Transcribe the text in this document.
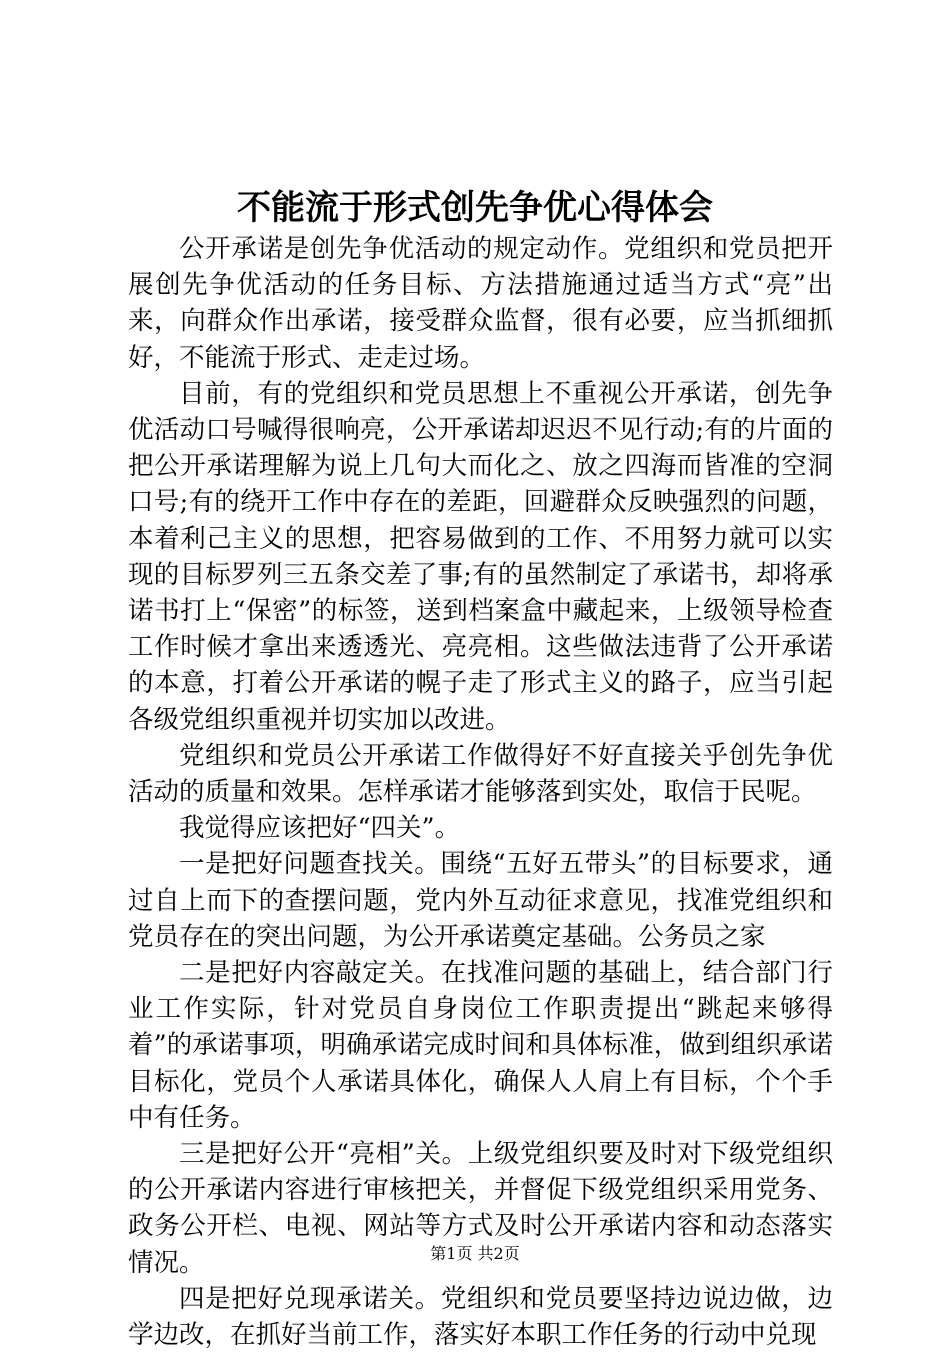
不能流于形式创先争优心得体会

公开承诺是创先争优活动的规定动作。党组织和党员把开展创先争优活动的任务目标、方法措施通过适当方式“亮”出来，向群众作出承诺，接受群众监督，很有必要，应当抓细抓好，不能流于形式、走走过场。

目前，有的党组织和党员思想上不重视公开承诺，创先争优活动口号喊得很响亮，公开承诺却迟迟不见行动;有的片面的把公开承诺理解为说上几句大而化之、放之四海而皆准的空洞口号;有的绕开工作中存在的差距，回避群众反映强烈的问题，本着利己主义的思想，把容易做到的工作、不用努力就可以实现的目标罗列三五条交差了事;有的虽然制定了承诺书，却将承诺书打上“保密”的标签，送到档案盒中藏起来，上级领导检查工作时候才拿出来透透光、亮亮相。这些做法违背了公开承诺的本意，打着公开承诺的幌子走了形式主义的路子，应当引起各级党组织重视并切实加以改进。

党组织和党员公开承诺工作做得好不好直接关乎创先争优活动的质量和效果。怎样承诺才能够落到实处，取信于民呢。

我觉得应该把好“四关”。

一是把好问题查找关。围绕“五好五带头”的目标要求，通过自上而下的查摆问题，党内外互动征求意见，找准党组织和党员存在的突出问题，为公开承诺奠定基础。公务员之家

二是把好内容敲定关。在找准问题的基础上，结合部门行业工作实际，针对党员自身岗位工作职责提出“跳起来够得着”的承诺事项，明确承诺完成时间和具体标准，做到组织承诺目标化，党员个人承诺具体化，确保人人肩上有目标，个个手中有任务。

三是把好公开“亮相”关。上级党组织要及时对下级党组织的公开承诺内容进行审核把关，并督促下级党组织采用党务、政务公开栏、电视、网站等方式及时公开承诺内容和动态落实情况。

四是把好兑现承诺关。党组织和党员要坚持边说边做，边学边改，在抓好当前工作，落实好本职工作任务的行动中兑现

第1页 共2页
